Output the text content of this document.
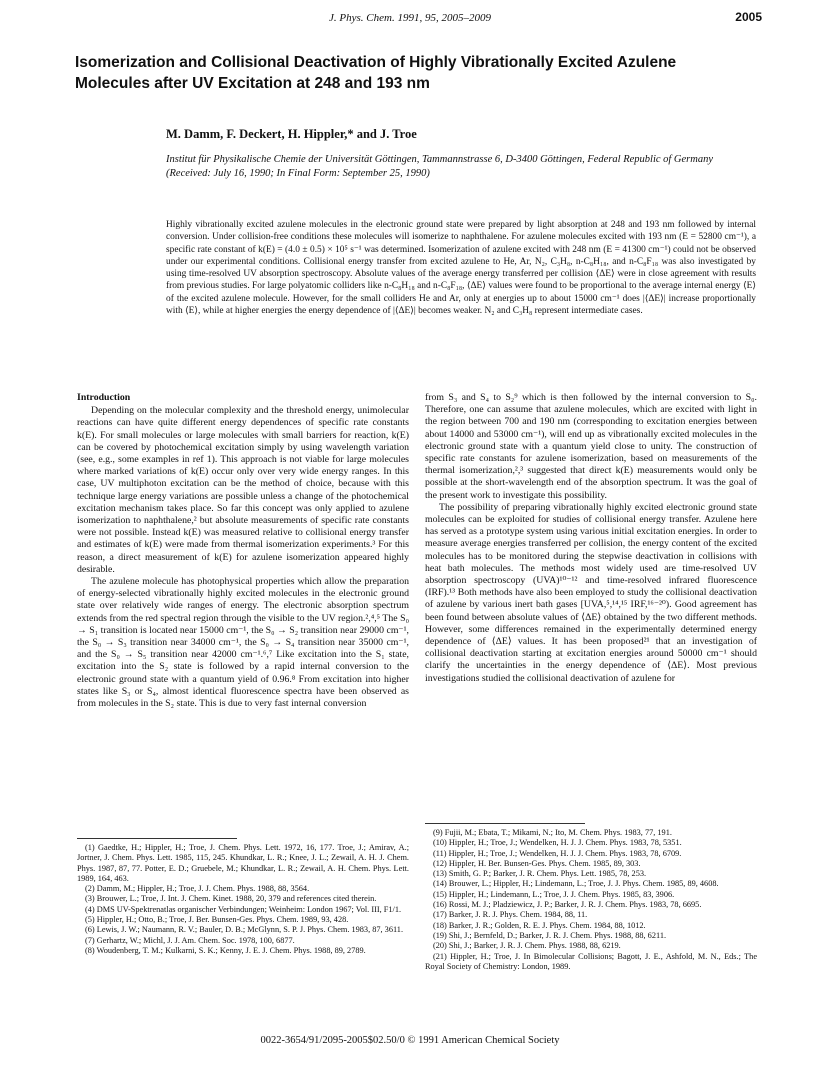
J. Phys. Chem. 1991, 95, 2005–2009	2005
Isomerization and Collisional Deactivation of Highly Vibrationally Excited Azulene Molecules after UV Excitation at 248 and 193 nm
M. Damm, F. Deckert, H. Hippler,* and J. Troe
Institut für Physikalische Chemie der Universität Göttingen, Tammannstrasse 6, D-3400 Göttingen, Federal Republic of Germany (Received: July 16, 1990; In Final Form: September 25, 1990)
Highly vibrationally excited azulene molecules in the electronic ground state were prepared by light absorption at 248 and 193 nm followed by internal conversion. Under collision-free conditions these molecules will isomerize to naphthalene. For azulene molecules excited with 193 nm (E = 52800 cm⁻¹), a specific rate constant of k(E) = (4.0 ± 0.5) × 10⁵ s⁻¹ was determined. Isomerization of azulene excited with 248 nm (E = 41300 cm⁻¹) could not be observed under our experimental conditions. Collisional energy transfer from excited azulene to He, Ar, N₂, C₃H₈, n-C₈H₁₈, and n-C₈F₁₈ was also investigated by using time-resolved UV absorption spectroscopy. Absolute values of the average energy transferred per collision ⟨ΔE⟩ were in close agreement with results from previous studies. For large polyatomic colliders like n-C₈H₁₈ and n-C₈F₁₈, ⟨ΔE⟩ values were found to be proportional to the average internal energy ⟨E⟩ of the excited azulene molecule. However, for the small colliders He and Ar, only at energies up to about 15000 cm⁻¹ does |⟨ΔE⟩| increase proportionally with ⟨E⟩, while at higher energies the energy dependence of |⟨ΔE⟩| becomes weaker. N₂ and C₃H₈ represent intermediate cases.
Introduction

Depending on the molecular complexity and the threshold energy, unimolecular reactions can have quite different energy dependences of specific rate constants k(E). For small molecules or large molecules with small barriers for reaction, k(E) can be covered by photochemical excitation simply by using wavelength variation (see, e.g., some examples in ref 1). This approach is not viable for large molecules where marked variations of k(E) occur only over very wide energy ranges. In this case, UV multiphoton excitation can be the method of choice, because with this technique large energy variations are possible unless a change of the photochemical excitation mechanism takes place. So far this concept was only applied to azulene isomerization to naphthalene,² but absolute measurements of specific rate constants were not possible. Instead k(E) was measured relative to collisional energy transfer and estimates of k(E) were made from thermal isomerization experiments.³ For this reason, a direct measurement of k(E) for azulene isomerization appeared highly desirable.

The azulene molecule has photophysical properties which allow the preparation of energy-selected vibrationally highly excited molecules in the electronic ground state over relatively wide ranges of energy. The electronic absorption spectrum extends from the red spectral region through the visible to the UV region.²,⁴,⁵ The S₀ → S₁ transition is located near 15000 cm⁻¹, the S₀ → S₂ transition near 29000 cm⁻¹, the S₀ → S₃ transition near 34000 cm⁻¹, the S₀ → S₄ transition near 35000 cm⁻¹, and the S₀ → S₅ transition near 42000 cm⁻¹.⁶,⁷ Like excitation into the S₁ state, excitation into the S₂ state is followed by a rapid internal conversion to the electronic ground state with a quantum yield of 0.96.⁸ From excitation into higher states like S₃ or S₄, almost identical fluorescence spectra have been observed as from molecules in the S₂ state. This is due to very fast internal conversion

from S₃ and S₄ to S₂⁹ which is then followed by the internal conversion to S₀. Therefore, one can assume that azulene molecules, which are excited with light in the region between 700 and 190 nm (corresponding to excitation energies between about 14000 and 53000 cm⁻¹), will end up as vibrationally excited molecules in the electronic ground state with a quantum yield close to unity. The construction of specific rate constants for azulene isomerization, based on measurements of the thermal isomerization,²,³ suggested that direct k(E) measurements would only be possible at the short-wavelength end of the absorption spectrum. It was the goal of the present work to investigate this possibility.

The possibility of preparing vibrationally highly excited electronic ground state molecules can be exploited for studies of collisional energy transfer. Azulene here has served as a prototype system using various initial excitation energies. In order to measure average energies transferred per collision, the energy content of the excited molecules has to be monitored during the stepwise deactivation in collisions with heat bath molecules. The methods most widely used are time-resolved UV absorption spectroscopy (UVA)¹⁰⁻¹² and time-resolved infrared fluorescence (IRF).¹³ Both methods have also been employed to study the collisional deactivation of azulene by various inert bath gases [UVA,⁵,¹⁴,¹⁵ IRF,¹⁶⁻²⁰). Good agreement has been found between absolute values of ⟨ΔE⟩ obtained by the two different methods. However, some differences remained in the experimentally determined energy dependence of ⟨ΔE⟩ values. It has been proposed²¹ that an investigation of collisional deactivation starting at excitation energies around 50000 cm⁻¹ should clarify the uncertainties in the energy dependence of ⟨ΔE⟩. Most previous investigations studied the collisional deactivation of azulene for

(1) Gaedtke, H.; Hippler, H.; Troe, J. Chem. Phys. Lett. 1972, 16, 177. Troe, J.; Amirav, A.; Jortner, J. Chem. Phys. Lett. 1985, 115, 245. Khundkar, L. R.; Knee, J. L.; Zewail, A. H. J. Chem. Phys. 1987, 87, 77. Potter, E. D.; Gruebele, M.; Khundkar, L. R.; Zewail, A. H. Chem. Phys. Lett. 1989, 164, 463.

(2) Damm, M.; Hippler, H.; Troe, J. J. Chem. Phys. 1988, 88, 3564.

(3) Brouwer, L.; Troe, J. Int. J. Chem. Kinet. 1988, 20, 379 and references cited therein.

(4) DMS UV-Spektrenatlas organischer Verbindungen; Weinheim: London 1967; Vol. III, F1/1.

(5) Hippler, H.; Otto, B.; Troe, J. Ber. Bunsen-Ges. Phys. Chem. 1989, 93, 428.

(6) Lewis, J. W.; Naumann, R. V.; Bauler, D. B.; McGlynn, S. P. J. Phys. Chem. 1983, 87, 3611.

(7) Gerhartz, W.; Michl, J. J. Am. Chem. Soc. 1978, 100, 6877.

(8) Woudenberg, T. M.; Kulkarni, S. K.; Kenny, J. E. J. Chem. Phys. 1988, 89, 2789.

(9) Fujii, M.; Ebata, T.; Mikami, N.; Ito, M. Chem. Phys. 1983, 77, 191.

(10) Hippler, H.; Troe, J.; Wendelken, H. J. J. Chem. Phys. 1983, 78, 5351.

(11) Hippler, H.; Troe, J.; Wendelken, H. J. J. Chem. Phys. 1983, 78, 6709.

(12) Hippler, H. Ber. Bunsen-Ges. Phys. Chem. 1985, 89, 303.

(13) Smith, G. P.; Barker, J. R. Chem. Phys. Lett. 1985, 78, 253.

(14) Brouwer, L.; Hippler, H.; Lindemann, L.; Troe, J. J. Phys. Chem. 1985, 89, 4608.

(15) Hippler, H.; Lindemann, L.; Troe, J. J. Chem. Phys. 1985, 83, 3906.

(16) Rossi, M. J.; Pladziewicz, J. P.; Barker, J. R. J. Chem. Phys. 1983, 78, 6695.

(17) Barker, J. R. J. Phys. Chem. 1984, 88, 11.

(18) Barker, J. R.; Golden, R. E. J. Phys. Chem. 1984, 88, 1012.

(19) Shi, J.; Bernfeld, D.; Barker, J. R. J. Chem. Phys. 1988, 88, 6211.

(20) Shi, J.; Barker, J. R. J. Chem. Phys. 1988, 88, 6219.

(21) Hippler, H.; Troe, J. In Bimolecular Collisions; Bagott, J. E., Ashfold, M. N., Eds.; The Royal Society of Chemistry: London, 1989.

0022-3654/91/2095-2005$02.50/0 © 1991 American Chemical Society
